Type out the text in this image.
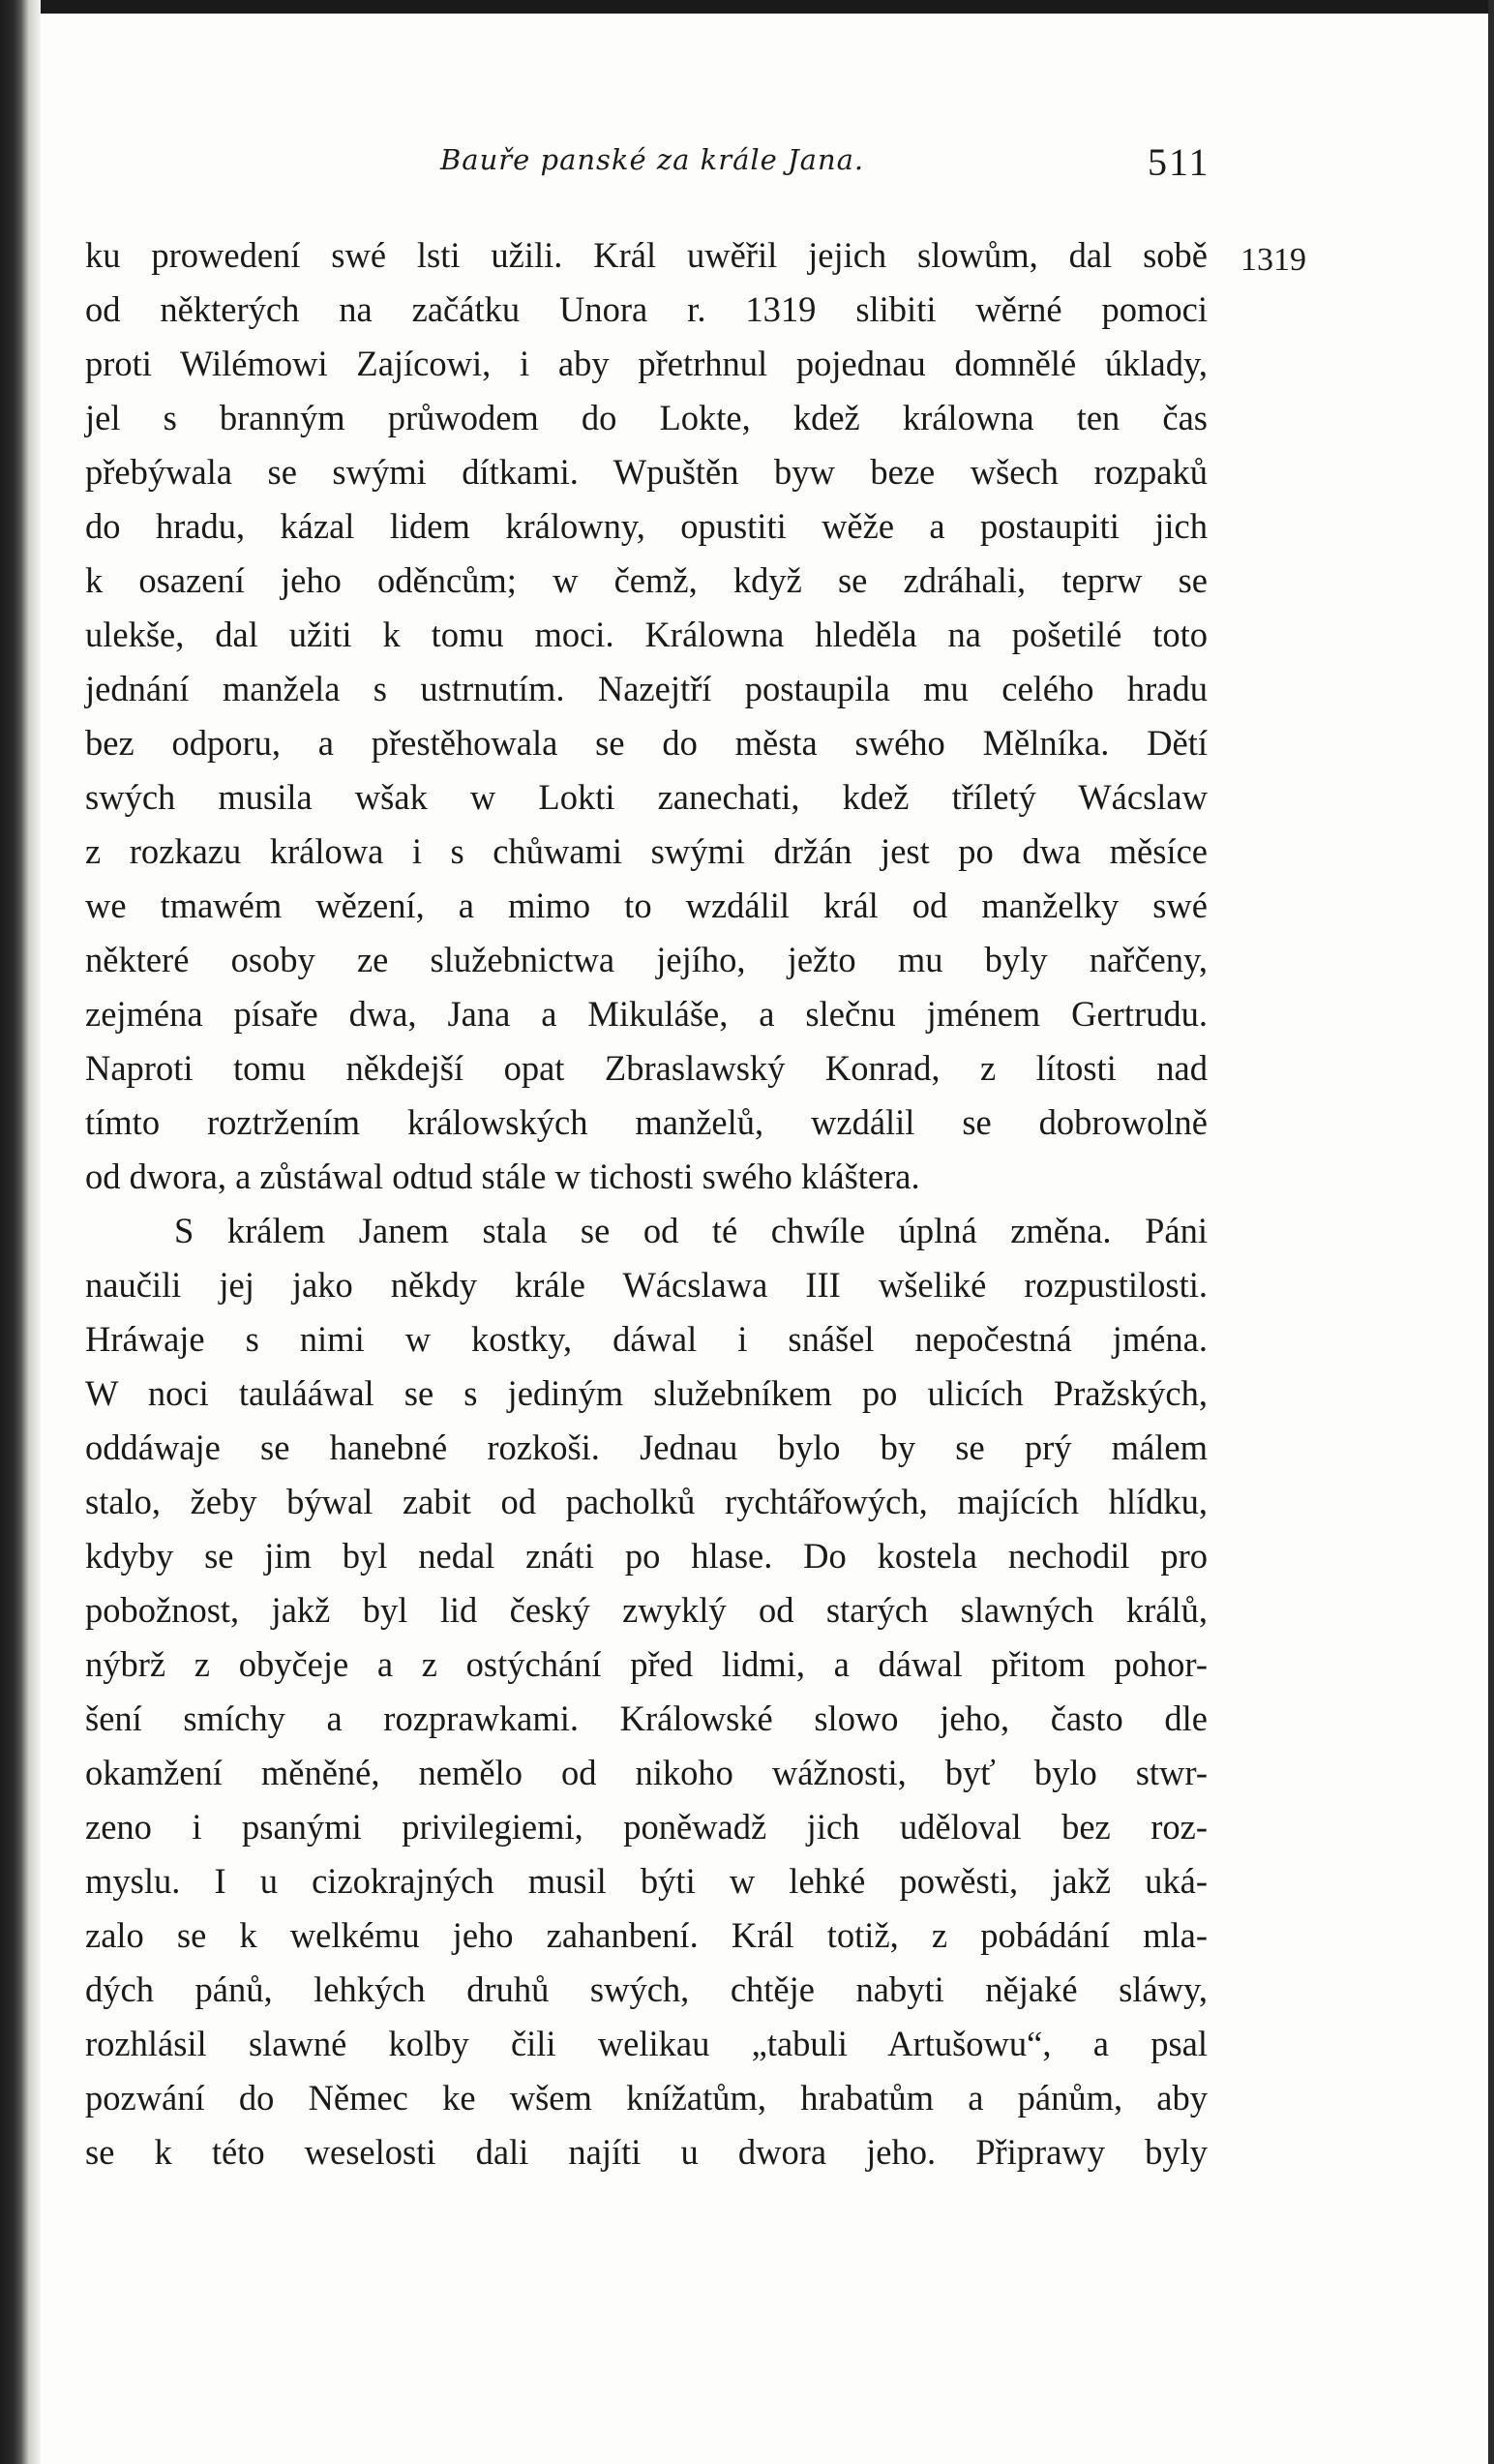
Bauře panské za krále Jana.	511
1319
ku prowedení swé lsti užili. Král uwěřil jejich slowům, dal sobě
od některých na začátku Unora r. 1319 slibiti wěrné pomoci
proti Wilémowi Zajícowi, i aby přetrhnul pojednau domnělé úklady,
jel s branným průwodem do Lokte, kdež králowna ten čas
přebýwala se swými dítkami. Wpuštěn byw beze wšech rozpaků
do hradu, kázal lidem králowny, opustiti wěže a postaupiti jich
k osazení jeho oděncům; w čemž, když se zdráhali, teprw se
ulekše, dal užiti k tomu moci. Králowna hleděla na pošetilé toto
jednání manžela s ustrnutím. Nazejtří postaupila mu celého hradu
bez odporu, a přestěhowala se do města swého Mělníka. Dětí
swých musila wšak w Lokti zanechati, kdež tříletý Wácslaw
z rozkazu králowa i s chůwami swými držán jest po dwa měsíce
we tmawém wězení, a mimo to wzdálil král od manželky swé
některé osoby ze služebnictwa jejího, ježto mu byly nařčeny,
zejména písaře dwa, Jana a Mikuláše, a slečnu jménem Gertrudu.
Naproti tomu někdejší opat Zbraslawský Konrad, z lítosti nad
tímto roztržením králowských manželů, wzdálil se dobrowolně
od dwora, a zůstáwal odtud stále w tichosti swého kláštera.
S králem Janem stala se od té chwíle úplná změna. Páni
naučili jej jako někdy krále Wácslawa III wšeliké rozpustilosti.
Hráwaje s nimi w kostky, dáwal i snášel nepočestná jména.
W noci taulááwal se s jediným služebníkem po ulicích Pražských,
oddáwaje se hanebné rozkoši. Jednau bylo by se prý málem
stalo, žeby býwal zabit od pacholků rychtářowých, majících hlídku,
kdyby se jim byl nedal znáti po hlase. Do kostela nechodil pro
pobožnost, jakž byl lid český zwyklý od starých slawných králů,
nýbrž z obyčeje a z ostýchání před lidmi, a dáwal přitom pohor-
šení smíchy a rozprawkami. Králowské slowo jeho, často dle
okamžení měněné, nemělo od nikoho wážnosti, byť bylo stwr-
zeno i psanými privilegiemi, poněwadž jich uděloval bez roz-
myslu. I u cizokrajných musil býti w lehké powěsti, jakž uká-
zalo se k welkému jeho zahanbení. Král totiž, z pobádání mla-
dých pánů, lehkých druhů swých, chtěje nabyti nějaké sláwy,
rozhlásil slawné kolby čili welikau „tabuli Artušowu“, a psal
pozwání do Němec ke wšem knížatům, hrabatům a pánům, aby
se k této weselosti dali najíti u dwora jeho. Připrawy byly
